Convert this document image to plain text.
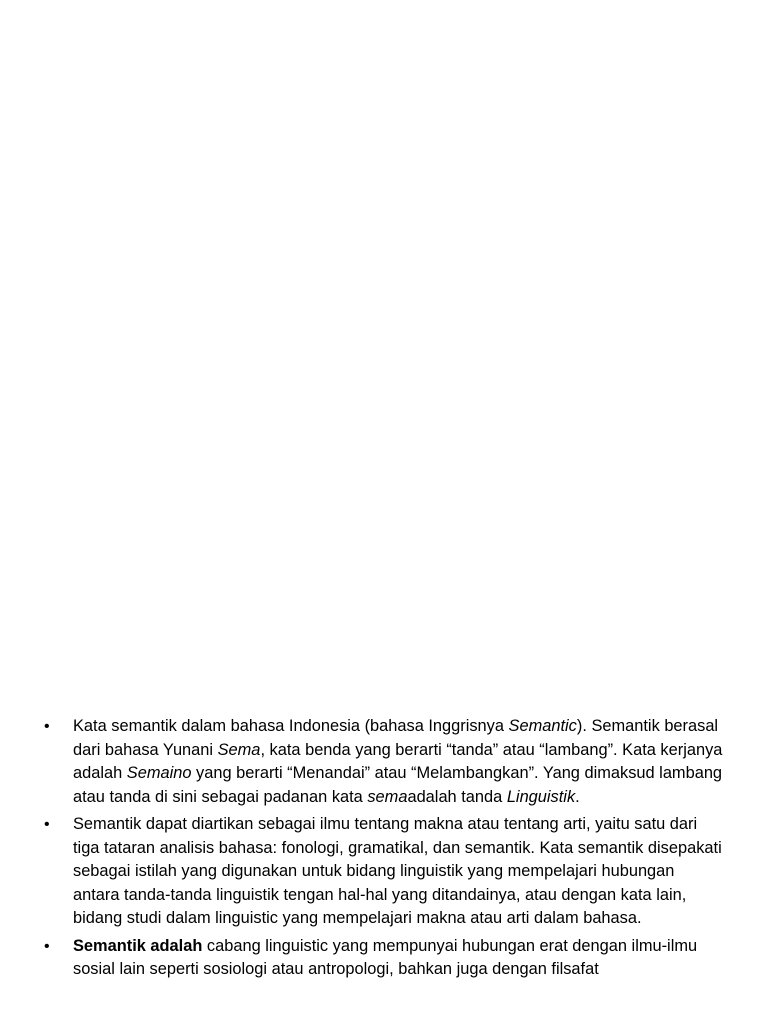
• Kata semantik dalam bahasa Indonesia (bahasa Inggrisnya Semantic). Semantik berasal dari bahasa Yunani Sema, kata benda yang berarti “tanda” atau “lambang”. Kata kerjanya adalah Semaino yang berarti “Menandai” atau “Melambangkan”. Yang dimaksud lambang atau tanda di sini sebagai padanan kata semaadalah tanda Linguistik.
• Semantik dapat diartikan sebagai ilmu tentang makna atau tentang arti, yaitu satu dari tiga tataran analisis bahasa: fonologi, gramatikal, dan semantik. Kata semantik disepakati sebagai istilah yang digunakan untuk bidang linguistik yang mempelajari hubungan antara tanda-tanda linguistik tengan hal-hal yang ditandainya, atau dengan kata lain, bidang studi dalam linguistic yang mempelajari makna atau arti dalam bahasa.
• Semantik adalah cabang linguistic yang mempunyai hubungan erat dengan ilmu-ilmu sosial lain seperti sosiologi atau antropologi, bahkan juga dengan filsafat
